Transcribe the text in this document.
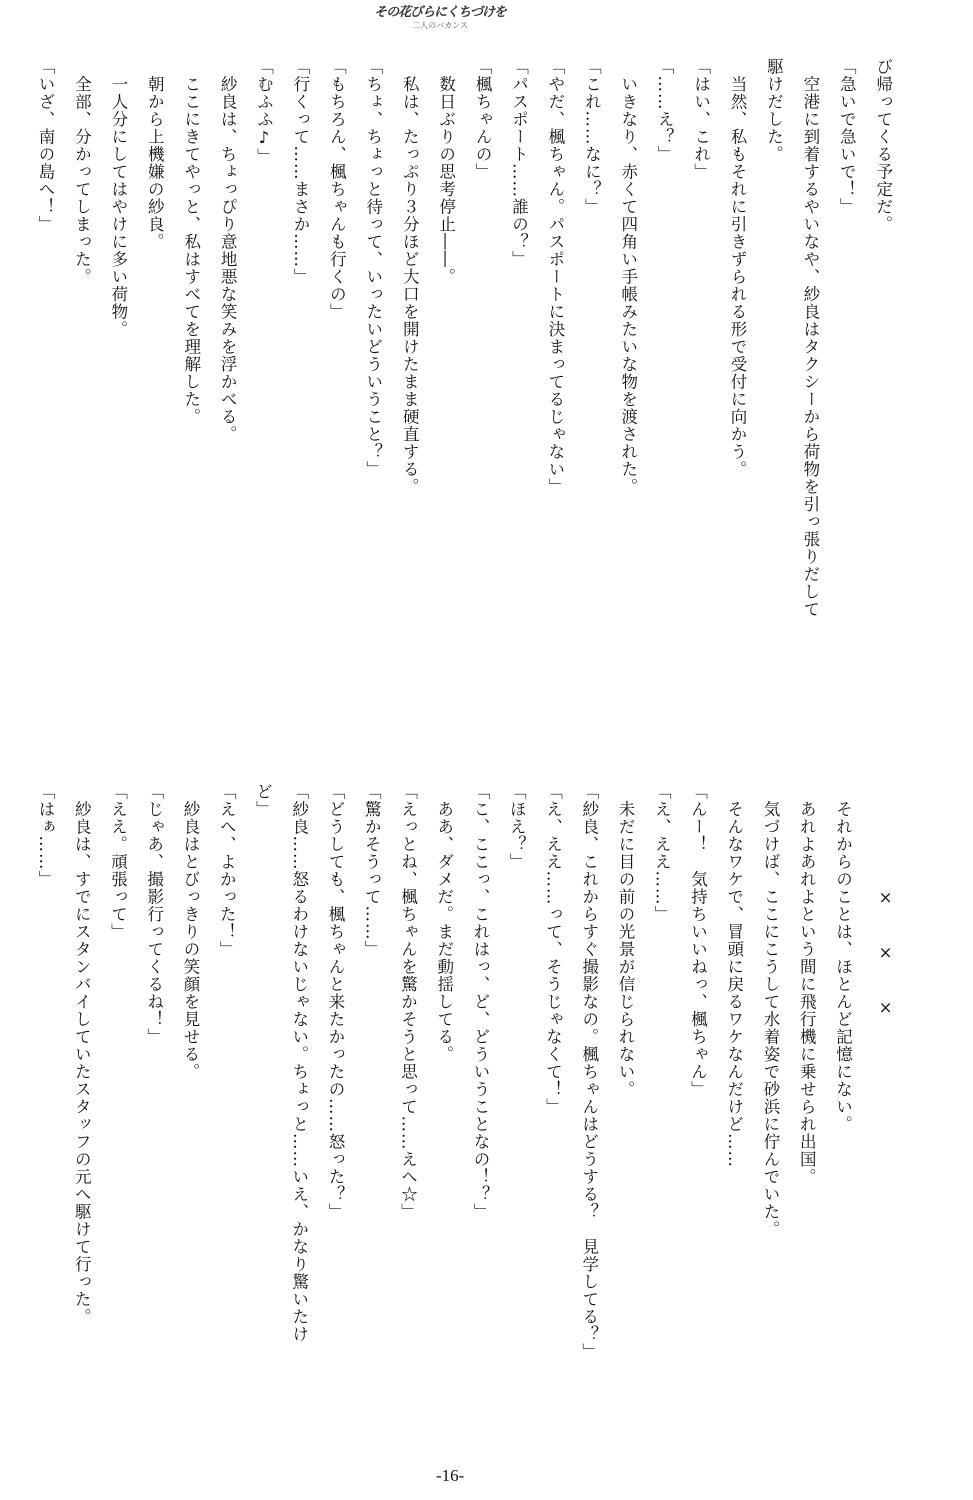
その花びらにくちづけを
二人のバカンス
び帰ってくる予定だ。
「急いで急いで！」
　空港に到着するやいなや、紗良はタクシーから荷物を引っ張りだして
駆けだした。
　当然、私もそれに引きずられる形で受付に向かう。
「はい、これ」
「……え？」
　いきなり、赤くて四角い手帳みたいな物を渡された。
「これ……なに？」
「やだ、楓ちゃん。パスポートに決まってるじゃない」
「パスポート……誰の？」
「楓ちゃんの」
　数日ぶりの思考停止――。
　私は、たっぷり３分ほど大口を開けたまま硬直する。
「ちょ、ちょっと待って、いったいどういうこと？」
「もちろん、楓ちゃんも行くの」
「行くって……まさか……」
「むふふ♪」
　紗良は、ちょっぴり意地悪な笑みを浮かべる。
　ここにきてやっと、私はすべてを理解した。
　朝から上機嫌の紗良。
　一人分にしてはやけに多い荷物。
　全部、分かってしまった。
「いざ、南の島へ！」
　　　　　　×　　×　　×
　それからのことは、ほとんど記憶にない。
　あれよあれよという間に飛行機に乗せられ出国。
　気づけば、ここにこうして水着姿で砂浜に佇んでいた。
　そんなワケで、冒頭に戻るワケなんだけど……
「んー！　気持ちいいねっ、楓ちゃん」
「え、ええ……」
　未だに目の前の光景が信じられない。
「紗良、これからすぐ撮影なの。楓ちゃんはどうする？　見学してる？」
「え、ええ……って、そうじゃなくて！」
「ほえ？」
「こ、ここっ、これはっ、ど、どういうことなの！？」
　ああ、ダメだ。まだ動揺してる。
「えっとね、楓ちゃんを驚かそうと思って……えへ☆」
「驚かそうって……」
「どうしても、楓ちゃんと来たかったの……怒った？」
「紗良……怒るわけないじゃない。ちょっと……いえ、かなり驚いたけ
ど」
「えへ、よかった！」
　紗良はとびっきりの笑顔を見せる。
「じゃあ、撮影行ってくるね！」
「ええ。頑張って」
　紗良は、すでにスタンバイしていたスタッフの元へ駆けて行った。
「はぁ……」
-16-
